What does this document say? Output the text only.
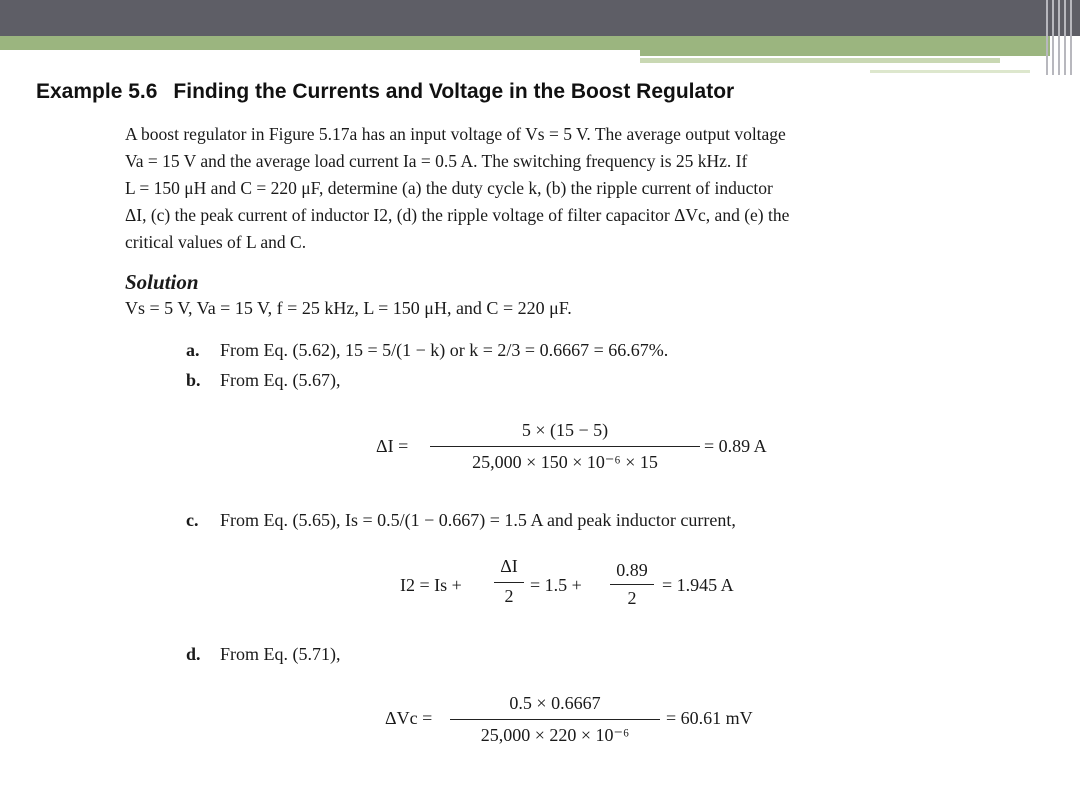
Example 5.6 Finding the Currents and Voltage in the Boost Regulator
A boost regulator in Figure 5.17a has an input voltage of Vs = 5 V. The average output voltage
Va = 15 V and the average load current Ia = 0.5 A. The switching frequency is 25 kHz. If
L = 150 μH and C = 220 μF, determine (a) the duty cycle k, (b) the ripple current of inductor
ΔI, (c) the peak current of inductor I2, (d) the ripple voltage of filter capacitor ΔVc, and (e) the
critical values of L and C.
Solution
Vs = 5 V, Va = 15 V, f = 25 kHz, L = 150 μH, and C = 220 μF.
a. From Eq. (5.62), 15 = 5/(1 − k) or k = 2/3 = 0.6667 = 66.67%.
b. From Eq. (5.67),
ΔI =
5 × (15 − 5)
25,000 × 150 × 10⁻⁶ × 15
= 0.89 A
c. From Eq. (5.65), Is = 0.5/(1 − 0.667) = 1.5 A and peak inductor current,
I2 = Is +
ΔI
2
= 1.5 +
0.89
2
= 1.945 A
d. From Eq. (5.71),
ΔVc =
0.5 × 0.6667
25,000 × 220 × 10⁻⁶
= 60.61 mV
